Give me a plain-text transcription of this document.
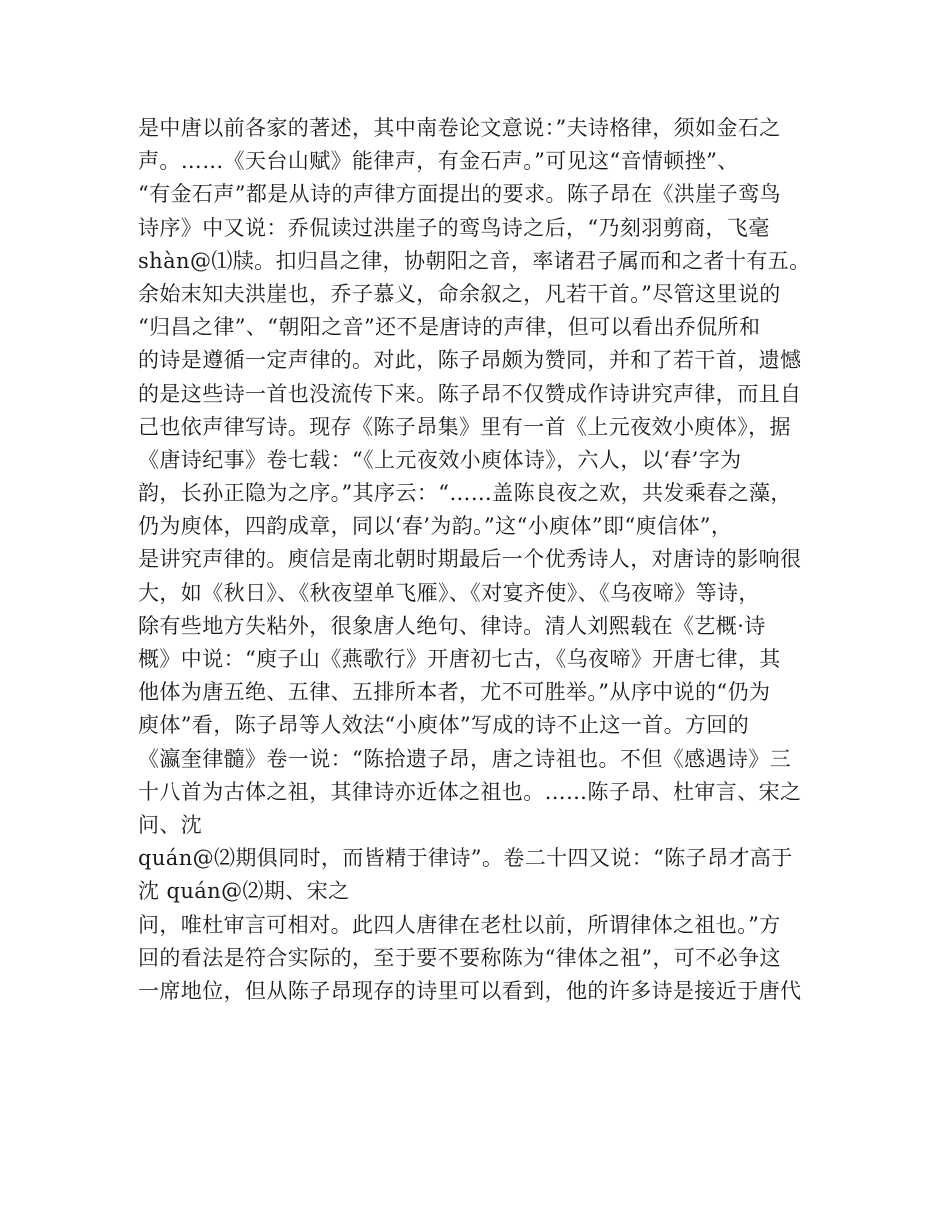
是中唐以前各家的著述，其中南卷论文意说：”夫诗格律，须如金石之
声。……《天台山赋》能律声，有金石声。”可见这“音情顿挫”、
“有金石声”都是从诗的声律方面提出的要求。陈子昂在《洪崖子鸾鸟
诗序》中又说：乔侃读过洪崖子的鸾鸟诗之后，“乃刻羽剪商，飞毫
shàn@⑴牍。扣归昌之律，协朝阳之音，率诸君子属而和之者十有五。
余始末知夫洪崖也，乔子慕义，命余叙之，凡若干首。”尽管这里说的
“归昌之律”、“朝阳之音”还不是唐诗的声律，但可以看出乔侃所和
的诗是遵循一定声律的。对此，陈子昂颇为赞同，并和了若干首，遗憾
的是这些诗一首也没流传下来。陈子昂不仅赞成作诗讲究声律，而且自
己也依声律写诗。现存《陈子昂集》里有一首《上元夜效小庾体》，据
《唐诗纪事》卷七载：“《上元夜效小庾体诗》，六人，以‘春’字为
韵，长孙正隐为之序。”其序云：“……盖陈良夜之欢，共发乘春之藻，
仍为庾体，四韵成章，同以‘春’为韵。”这“小庾体”即“庾信体”，
是讲究声律的。庾信是南北朝时期最后一个优秀诗人，对唐诗的影响很
大，如《秋日》、《秋夜望单飞雁》、《对宴齐使》、《乌夜啼》等诗，
除有些地方失粘外，很象唐人绝句、律诗。清人刘熙载在《艺概·诗
概》中说：“庾子山《燕歌行》开唐初七古，《乌夜啼》开唐七律，其
他体为唐五绝、五律、五排所本者，尤不可胜举。”从序中说的“仍为
庾体”看，陈子昂等人效法“小庾体”写成的诗不止这一首。方回的
《瀛奎律髓》卷一说：“陈拾遗子昂，唐之诗祖也。不但《感遇诗》三
十八首为古体之祖，其律诗亦近体之祖也。……陈子昂、杜审言、宋之
问、沈
quán@⑵期俱同时，而皆精于律诗”。卷二十四又说：“陈子昂才高于
沈 quán@⑵期、宋之
问，唯杜审言可相对。此四人唐律在老杜以前，所谓律体之祖也。”方
回的看法是符合实际的，至于要不要称陈为“律体之祖”，可不必争这
一席地位，但从陈子昂现存的诗里可以看到，他的许多诗是接近于唐代
